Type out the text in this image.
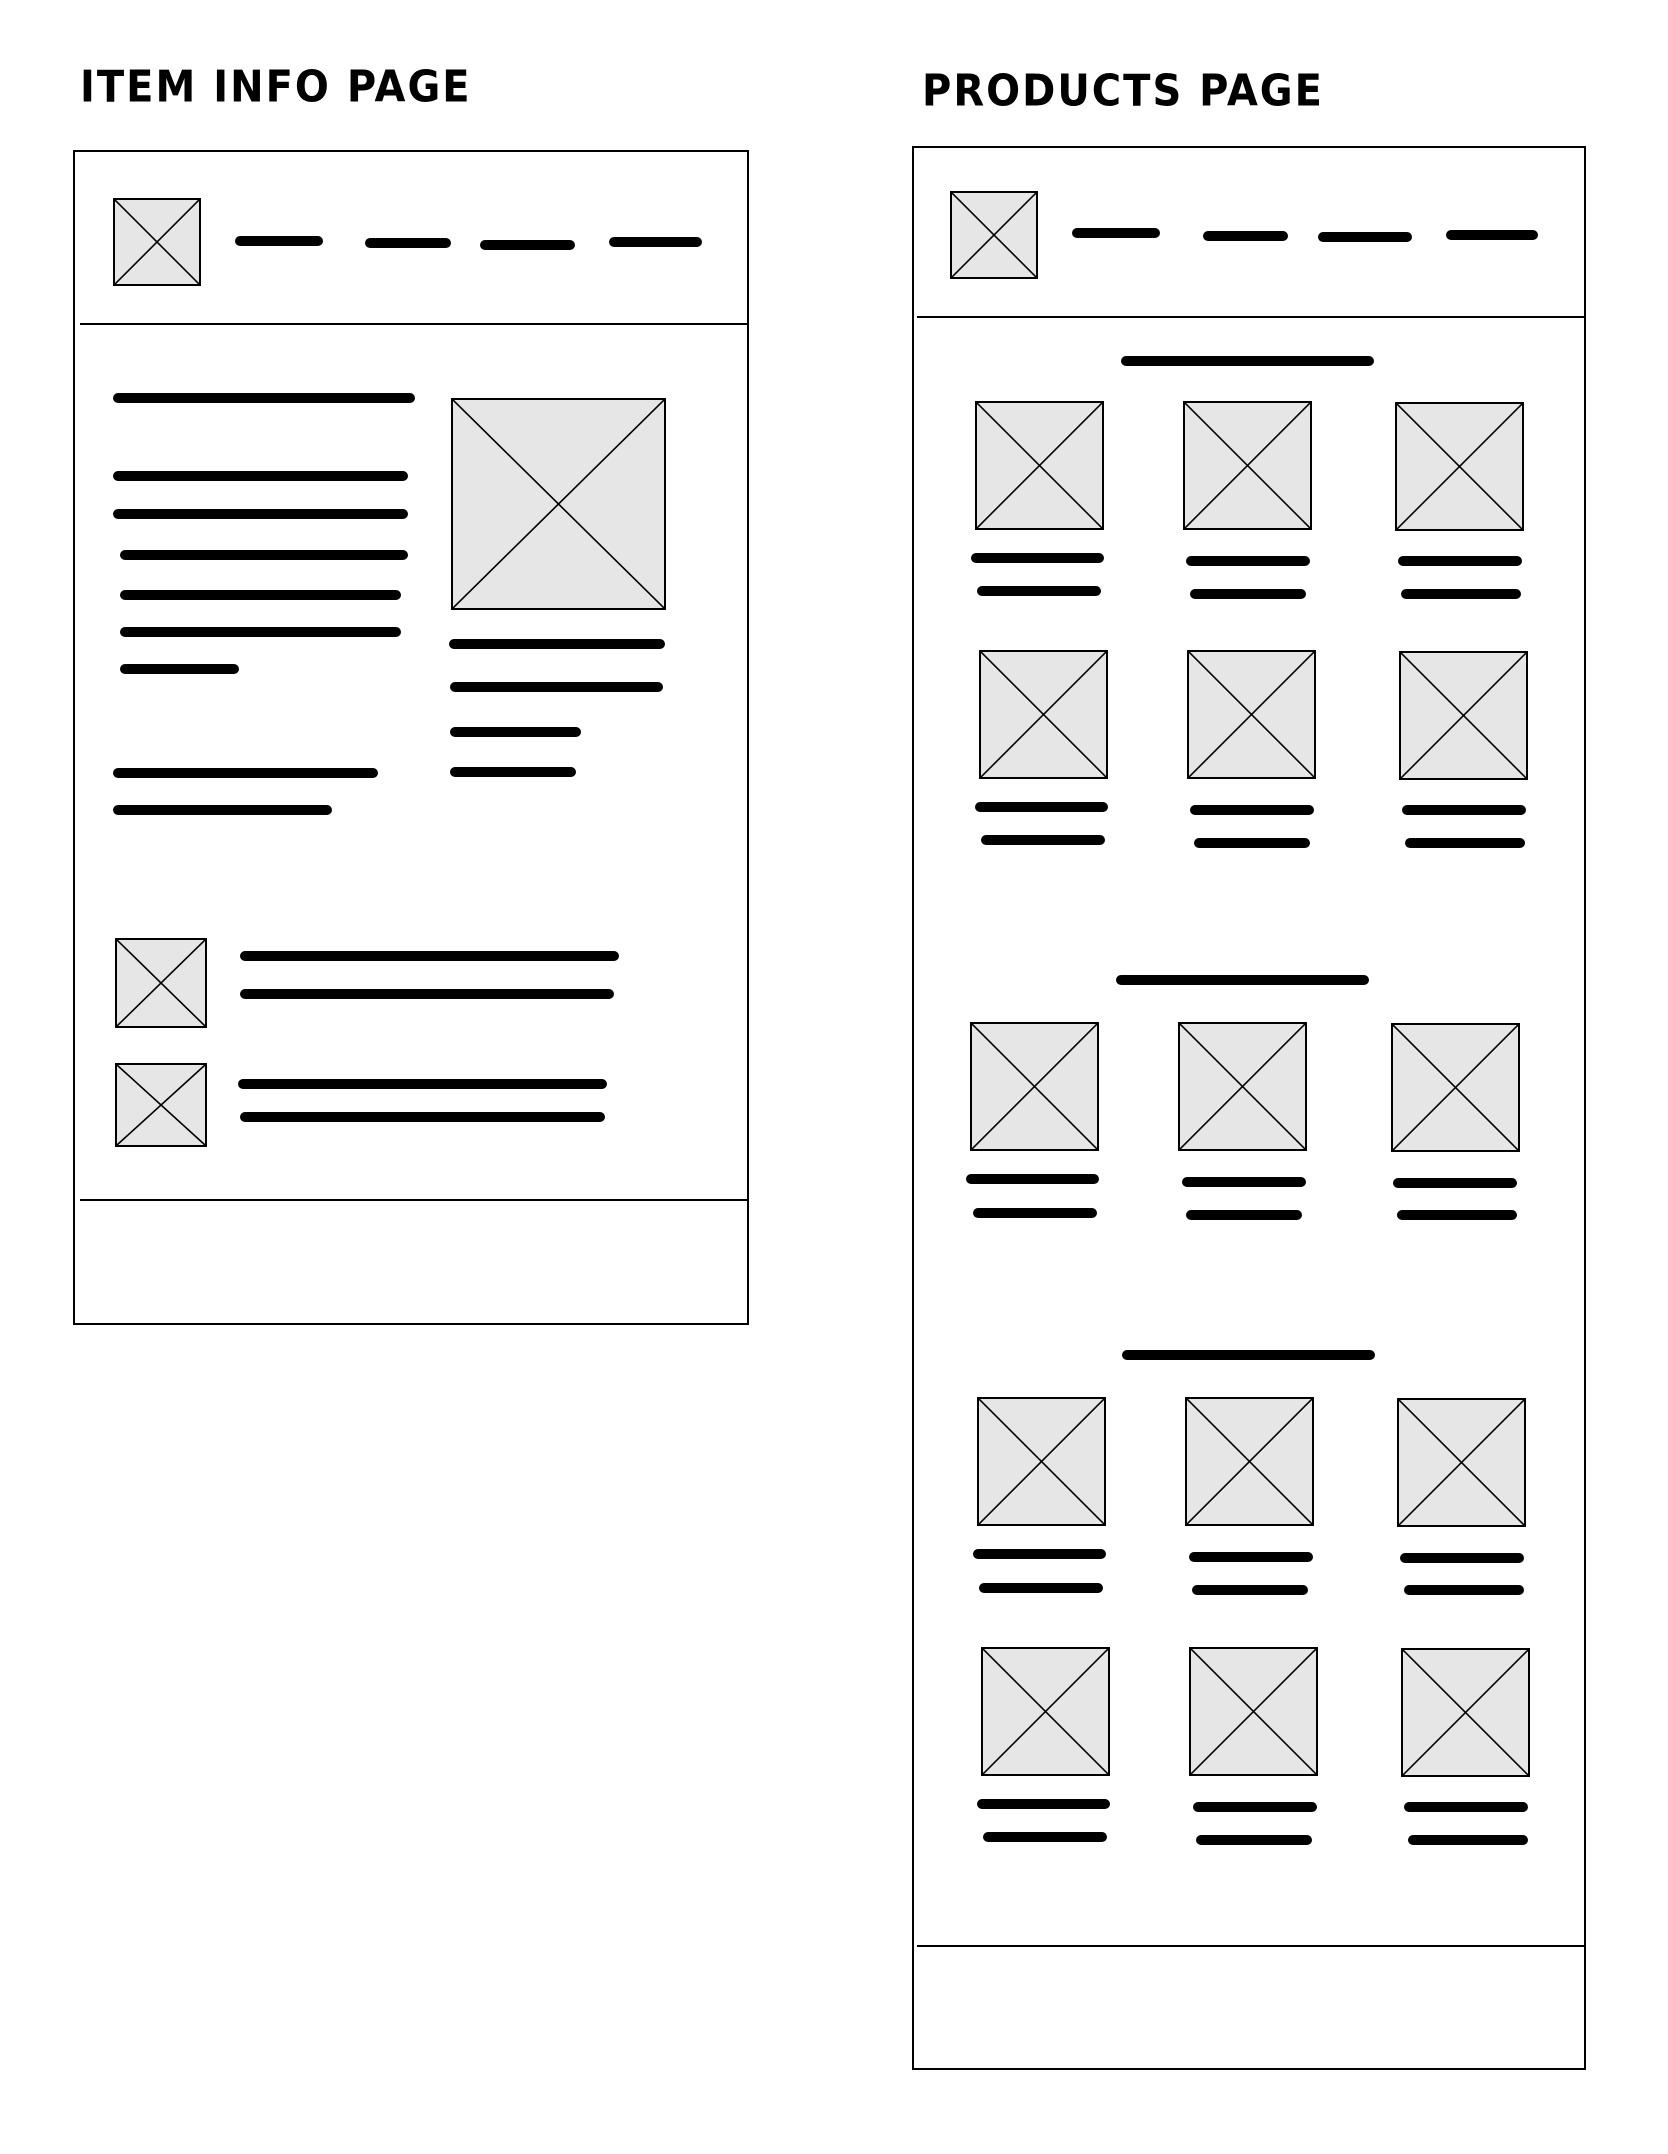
ITEM INFO PAGE	PRODUCTS PAGE
